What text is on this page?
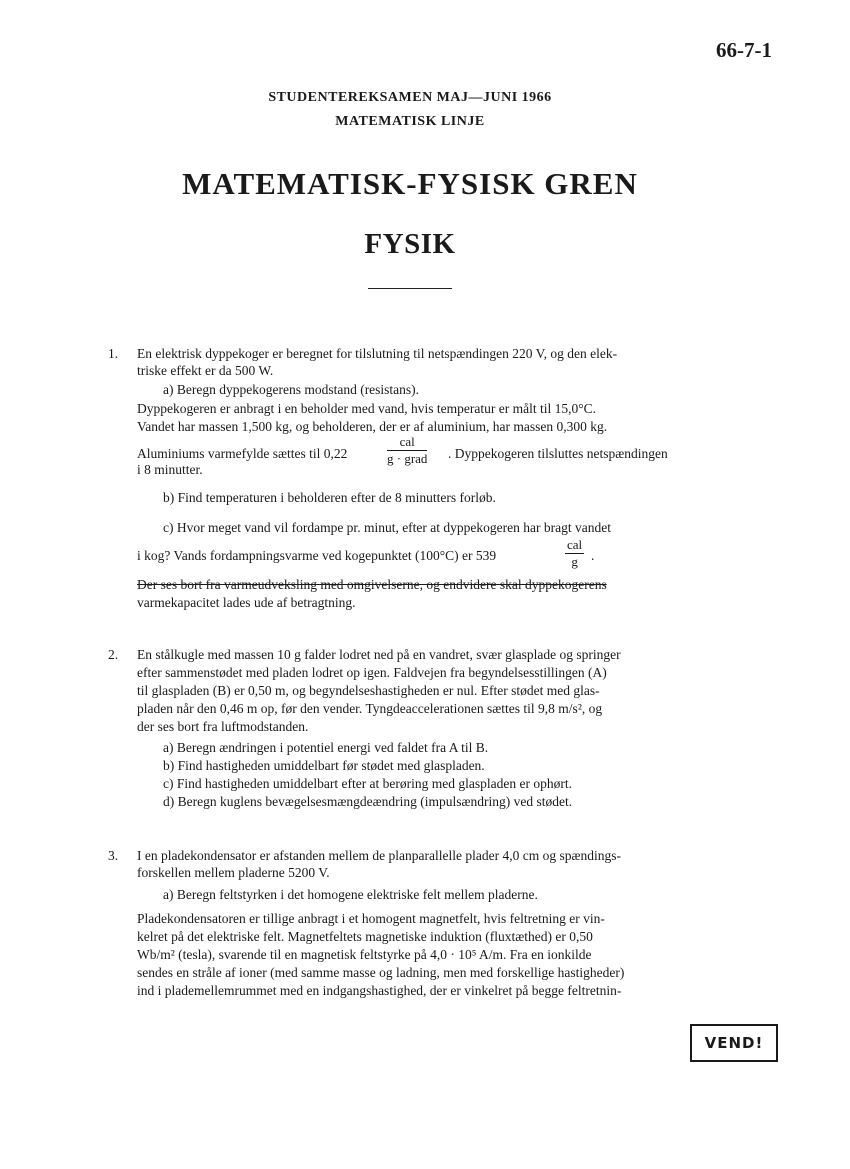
66-7-1
STUDENTEREKSAMEN MAJ—JUNI 1966
MATEMATISK LINJE
MATEMATISK-FYSISK GREN
FYSIK
1. En elektrisk dyppekoger er beregnet for tilslutning til netspændingen 220 V, og den elek-
triske effekt er da 500 W.
a) Beregn dyppekogerens modstand (resistans).
Dyppekogeren er anbragt i en beholder med vand, hvis temperatur er målt til 15,0°C.
Vandet har massen 1,500 kg, og beholderen, der er af aluminium, har massen 0,300 kg.
Aluminiums varmefylde sættes til 0,22
cal
g · grad . Dyppekogeren tilsluttes netspændingen
i 8 minutter.
b) Find temperaturen i beholderen efter de 8 minutters forløb.
c) Hvor meget vand vil fordampe pr. minut, efter at dyppekogeren har bragt vandet
i kog? Vands fordampningsvarme ved kogepunktet (100°C) er 539
cal
g .
Der ses bort fra varmeudveksling med omgivelserne, og endvidere skal dyppekogerens
varmekapacitet lades ude af betragtning.
2. En stålkugle med massen 10 g falder lodret ned på en vandret, svær glasplade og springer
efter sammenstødet med pladen lodret op igen. Faldvejen fra begyndelsesstillingen (A)
til glaspladen (B) er 0,50 m, og begyndelseshastigheden er nul. Efter stødet med glas-
pladen når den 0,46 m op, før den vender. Tyngdeaccelerationen sættes til 9,8 m/s², og
der ses bort fra luftmodstanden.
a) Beregn ændringen i potentiel energi ved faldet fra A til B.
b) Find hastigheden umiddelbart før stødet med glaspladen.
c) Find hastigheden umiddelbart efter at berøring med glaspladen er ophørt.
d) Beregn kuglens bevægelsesmængdeændring (impulsændring) ved stødet.
3. I en pladekondensator er afstanden mellem de planparallelle plader 4,0 cm og spændings-
forskellen mellem pladerne 5200 V.
a) Beregn feltstyrken i det homogene elektriske felt mellem pladerne.
Pladekondensatoren er tillige anbragt i et homogent magnetfelt, hvis feltretning er vin-
kelret på det elektriske felt. Magnetfeltets magnetiske induktion (fluxtæthed) er 0,50
Wb/m² (tesla), svarende til en magnetisk feltstyrke på 4,0 · 10⁵ A/m. Fra en ionkilde
sendes en stråle af ioner (med samme masse og ladning, men med forskellige hastigheder)
ind i plademellemrummet med en indgangshastighed, der er vinkelret på begge feltretnin-
VEND!
